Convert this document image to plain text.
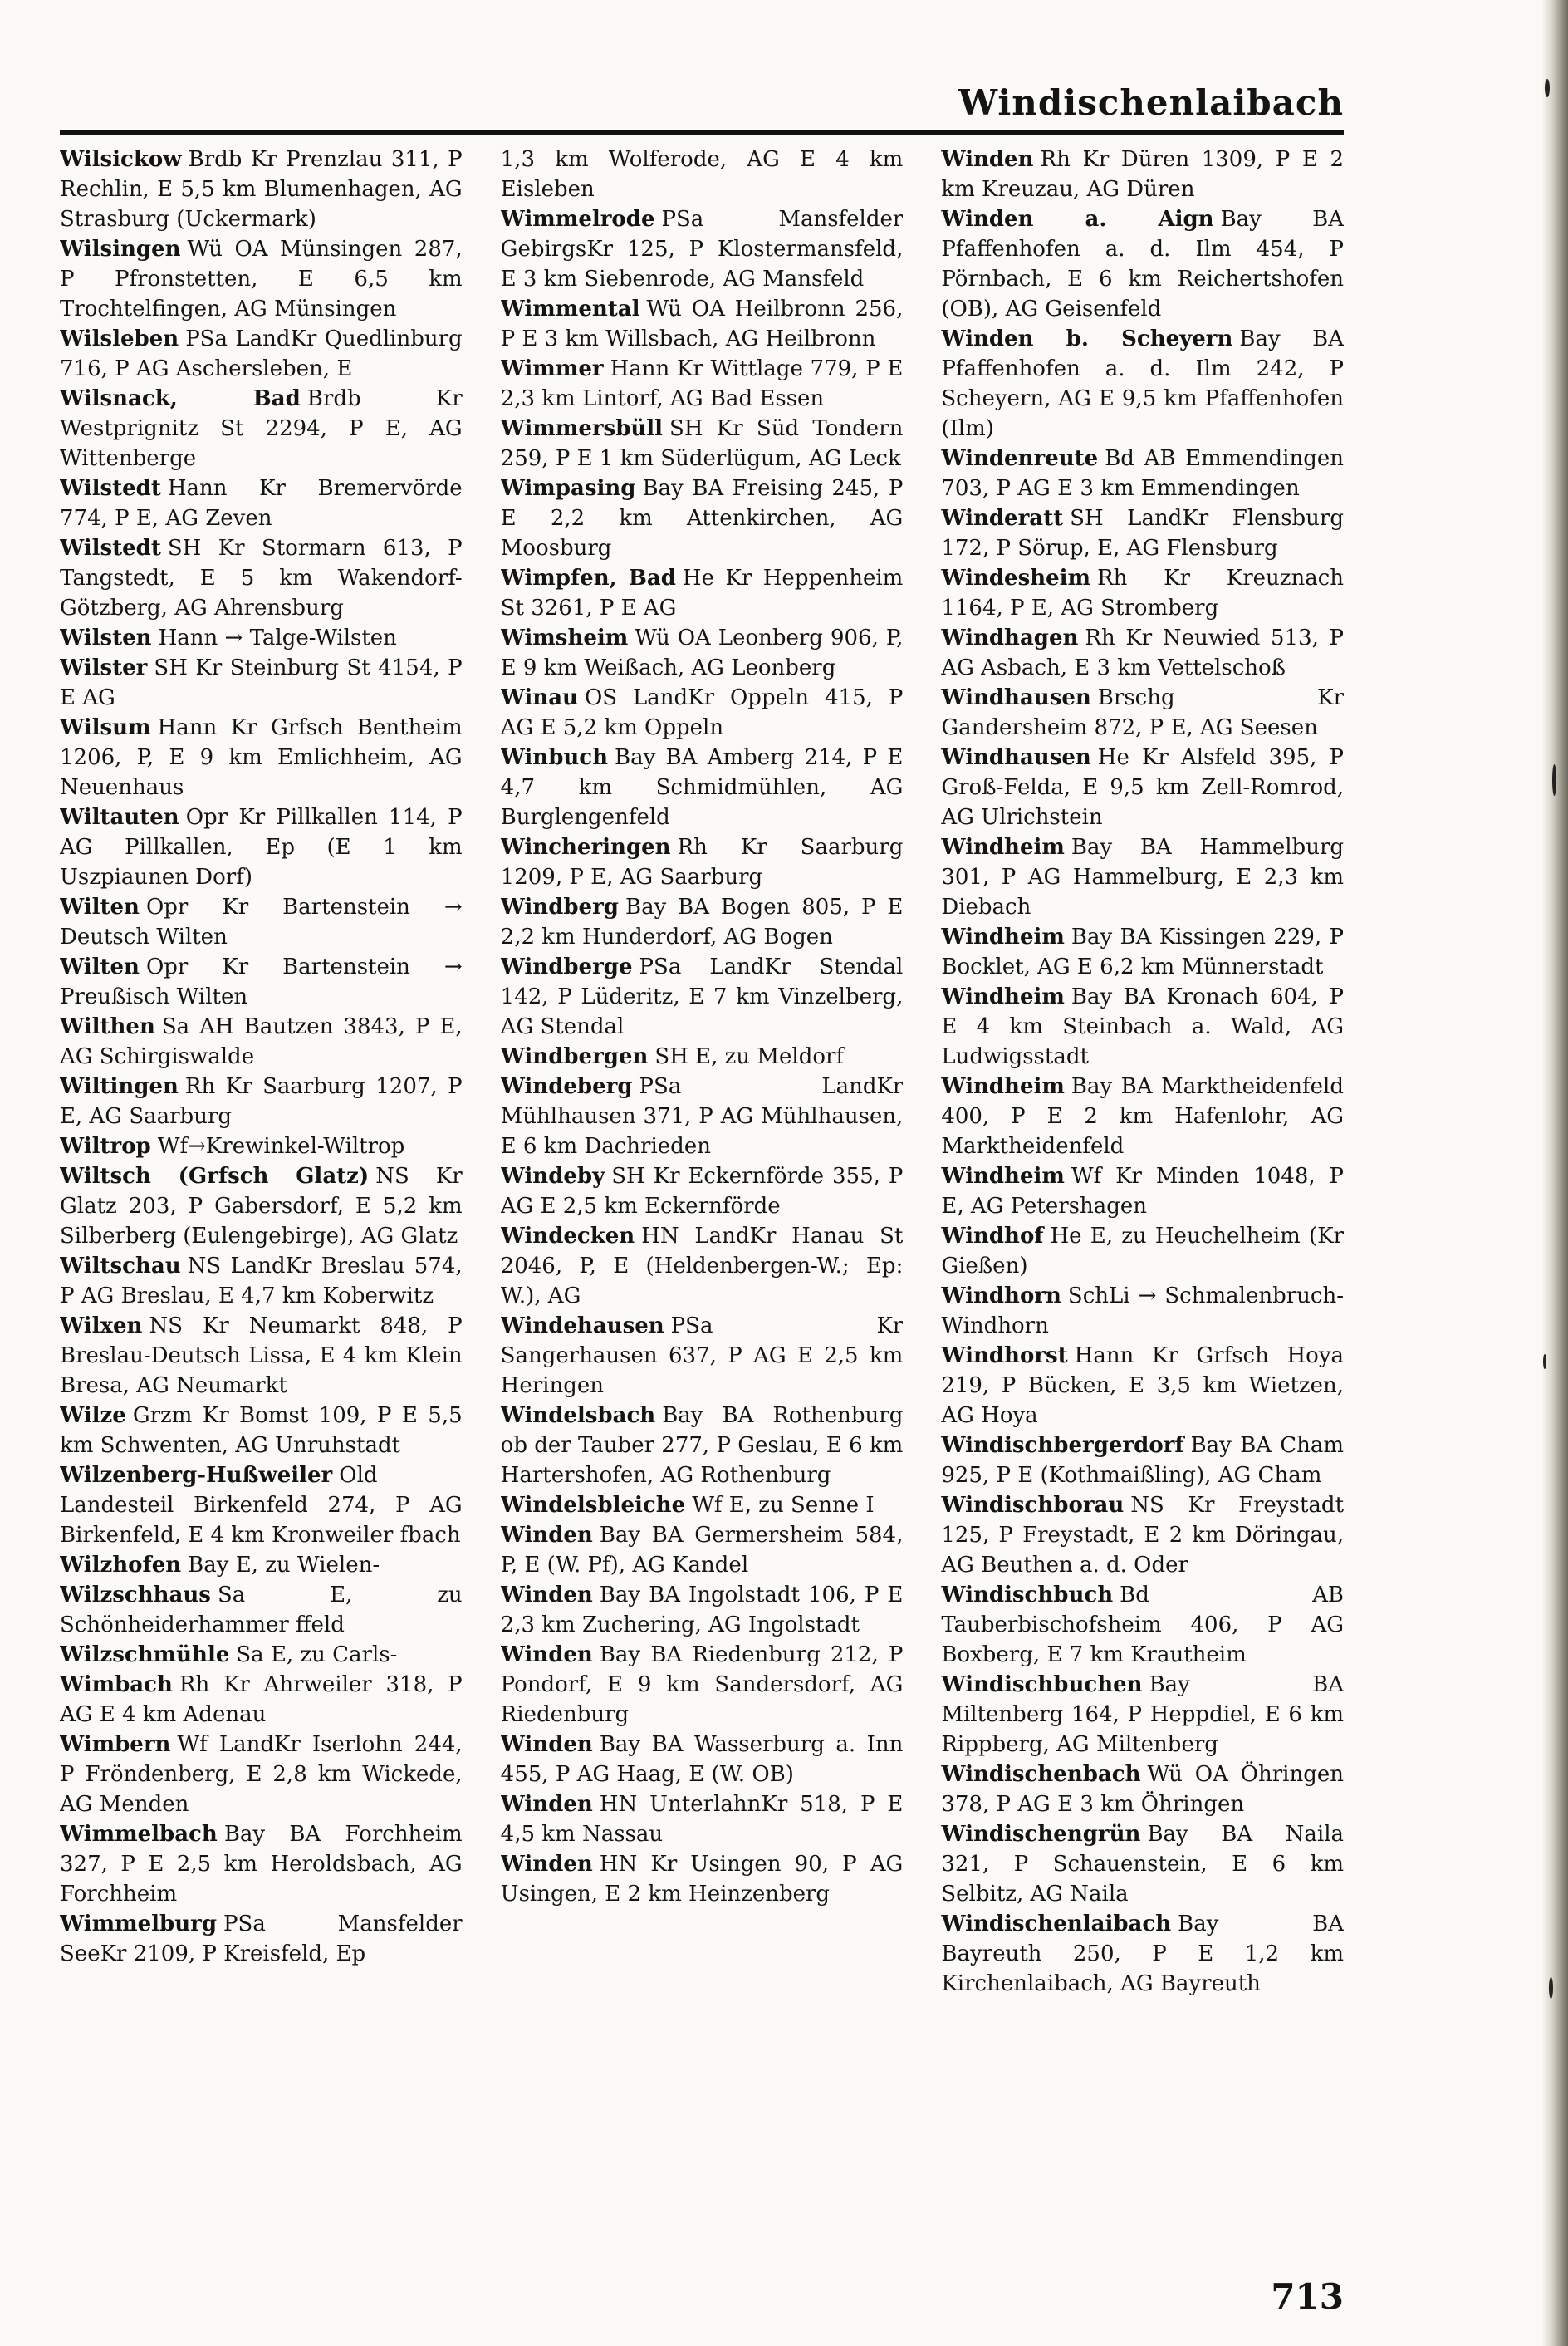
Windischenlaibach

Wilsickow Brdb Kr Prenzlau 311, P Rechlin, E 5,5 km Blumenhagen, AG Strasburg (Uckermark)

Wilsingen Wü OA Münsingen 287, P Pfronstetten, E 6,5 km Trochtelfingen, AG Münsingen

Wilsleben PSa LandKr Quedlinburg 716, P AG Aschersleben, E

Wilsnack, Bad Brdb Kr Westprignitz St 2294, P E, AG Wittenberge

Wilstedt Hann Kr Bremervörde 774, P E, AG Zeven

Wilstedt SH Kr Stormarn 613, P Tangstedt, E 5 km Wakendorf-Götzberg, AG Ahrensburg

Wilsten Hann → Talge-Wilsten

Wilster SH Kr Steinburg St 4154, P E AG

Wilsum Hann Kr Grfsch Bentheim 1206, P, E 9 km Emlichheim, AG Neuenhaus

Wiltauten Opr Kr Pillkallen 114, P AG Pillkallen, Ep (E 1 km Uszpiaunen Dorf)

Wilten Opr Kr Bartenstein → Deutsch Wilten

Wilten Opr Kr Bartenstein → Preußisch Wilten

Wilthen Sa AH Bautzen 3843, P E, AG Schirgiswalde

Wiltingen Rh Kr Saarburg 1207, P E, AG Saarburg

Wiltrop Wf→Krewinkel-Wiltrop

Wiltsch (Grfsch Glatz) NS Kr Glatz 203, P Gabersdorf, E 5,2 km Silberberg (Eulengebirge), AG Glatz

Wiltschau NS LandKr Breslau 574, P AG Breslau, E 4,7 km Koberwitz

Wilxen NS Kr Neumarkt 848, P Breslau-Deutsch Lissa, E 4 km Klein Bresa, AG Neumarkt

Wilze Grzm Kr Bomst 109, P E 5,5 km Schwenten, AG Unruhstadt

Wilzenberg-Hußweiler Old Landesteil Birkenfeld 274, P AG Birkenfeld, E 4 km Kronweiler fbach

Wilzhofen Bay E, zu Wielen-

Wilzschhaus Sa E, zu Schönheiderhammer ffeld

Wilzschmühle Sa E, zu Carls-

Wimbach Rh Kr Ahrweiler 318, P AG E 4 km Adenau

Wimbern Wf LandKr Iserlohn 244, P Fröndenberg, E 2,8 km Wickede, AG Menden

Wimmelbach Bay BA Forchheim 327, P E 2,5 km Heroldsbach, AG Forchheim

Wimmelburg PSa Mansfelder SeeKr 2109, P Kreisfeld, Ep

1,3 km Wolferode, AG E 4 km Eisleben

Wimmelrode PSa Mansfelder GebirgsKr 125, P Klostermansfeld, E 3 km Siebenrode, AG Mansfeld

Wimmental Wü OA Heilbronn 256, P E 3 km Willsbach, AG Heilbronn

Wimmer Hann Kr Wittlage 779, P E 2,3 km Lintorf, AG Bad Essen

Wimmersbüll SH Kr Süd Tondern 259, P E 1 km Süderlügum, AG Leck

Wimpasing Bay BA Freising 245, P E 2,2 km Attenkirchen, AG Moosburg

Wimpfen, Bad He Kr Heppenheim St 3261, P E AG

Wimsheim Wü OA Leonberg 906, P, E 9 km Weißach, AG Leonberg

Winau OS LandKr Oppeln 415, P AG E 5,2 km Oppeln

Winbuch Bay BA Amberg 214, P E 4,7 km Schmidmühlen, AG Burglengenfeld

Wincheringen Rh Kr Saarburg 1209, P E, AG Saarburg

Windberg Bay BA Bogen 805, P E 2,2 km Hunderdorf, AG Bogen

Windberge PSa LandKr Stendal 142, P Lüderitz, E 7 km Vinzelberg, AG Stendal

Windbergen SH E, zu Meldorf

Windeberg PSa LandKr Mühlhausen 371, P AG Mühlhausen, E 6 km Dachrieden

Windeby SH Kr Eckernförde 355, P AG E 2,5 km Eckernförde

Windecken HN LandKr Hanau St 2046, P, E (Heldenbergen-W.; Ep: W.), AG

Windehausen PSa Kr Sangerhausen 637, P AG E 2,5 km Heringen

Windelsbach Bay BA Rothenburg ob der Tauber 277, P Geslau, E 6 km Hartershofen, AG Rothenburg

Windelsbleiche Wf E, zu Senne I

Winden Bay BA Germersheim 584, P, E (W. Pf), AG Kandel

Winden Bay BA Ingolstadt 106, P E 2,3 km Zuchering, AG Ingolstadt

Winden Bay BA Riedenburg 212, P Pondorf, E 9 km Sandersdorf, AG Riedenburg

Winden Bay BA Wasserburg a. Inn 455, P AG Haag, E (W. OB)

Winden HN UnterlahnKr 518, P E 4,5 km Nassau

Winden HN Kr Usingen 90, P AG Usingen, E 2 km Heinzenberg

Winden Rh Kr Düren 1309, P E 2 km Kreuzau, AG Düren

Winden a. Aign Bay BA Pfaffenhofen a. d. Ilm 454, P Pörnbach, E 6 km Reichertshofen (OB), AG Geisenfeld

Winden b. Scheyern Bay BA Pfaffenhofen a. d. Ilm 242, P Scheyern, AG E 9,5 km Pfaffenhofen (Ilm)

Windenreute Bd AB Emmendingen 703, P AG E 3 km Emmendingen

Winderatt SH LandKr Flensburg 172, P Sörup, E, AG Flensburg

Windesheim Rh Kr Kreuznach 1164, P E, AG Stromberg

Windhagen Rh Kr Neuwied 513, P AG Asbach, E 3 km Vettelschoß

Windhausen Brschg Kr Gandersheim 872, P E, AG Seesen

Windhausen He Kr Alsfeld 395, P Groß-Felda, E 9,5 km Zell-Romrod, AG Ulrichstein

Windheim Bay BA Hammelburg 301, P AG Hammelburg, E 2,3 km Diebach

Windheim Bay BA Kissingen 229, P Bocklet, AG E 6,2 km Münnerstadt

Windheim Bay BA Kronach 604, P E 4 km Steinbach a. Wald, AG Ludwigsstadt

Windheim Bay BA Marktheidenfeld 400, P E 2 km Hafenlohr, AG Marktheidenfeld

Windheim Wf Kr Minden 1048, P E, AG Petershagen

Windhof He E, zu Heuchelheim (Kr Gießen)

Windhorn SchLi → Schmalenbruch-Windhorn

Windhorst Hann Kr Grfsch Hoya 219, P Bücken, E 3,5 km Wietzen, AG Hoya

Windischbergerdorf Bay BA Cham 925, P E (Kothmaißling), AG Cham

Windischborau NS Kr Freystadt 125, P Freystadt, E 2 km Döringau, AG Beuthen a. d. Oder

Windischbuch Bd AB Tauberbischofsheim 406, P AG Boxberg, E 7 km Krautheim

Windischbuchen Bay BA Miltenberg 164, P Heppdiel, E 6 km Rippberg, AG Miltenberg

Windischenbach Wü OA Öhringen 378, P AG E 3 km Öhringen

Windischengrün Bay BA Naila 321, P Schauenstein, E 6 km Selbitz, AG Naila

Windischenlaibach Bay BA Bayreuth 250, P E 1,2 km Kirchenlaibach, AG Bayreuth

713
